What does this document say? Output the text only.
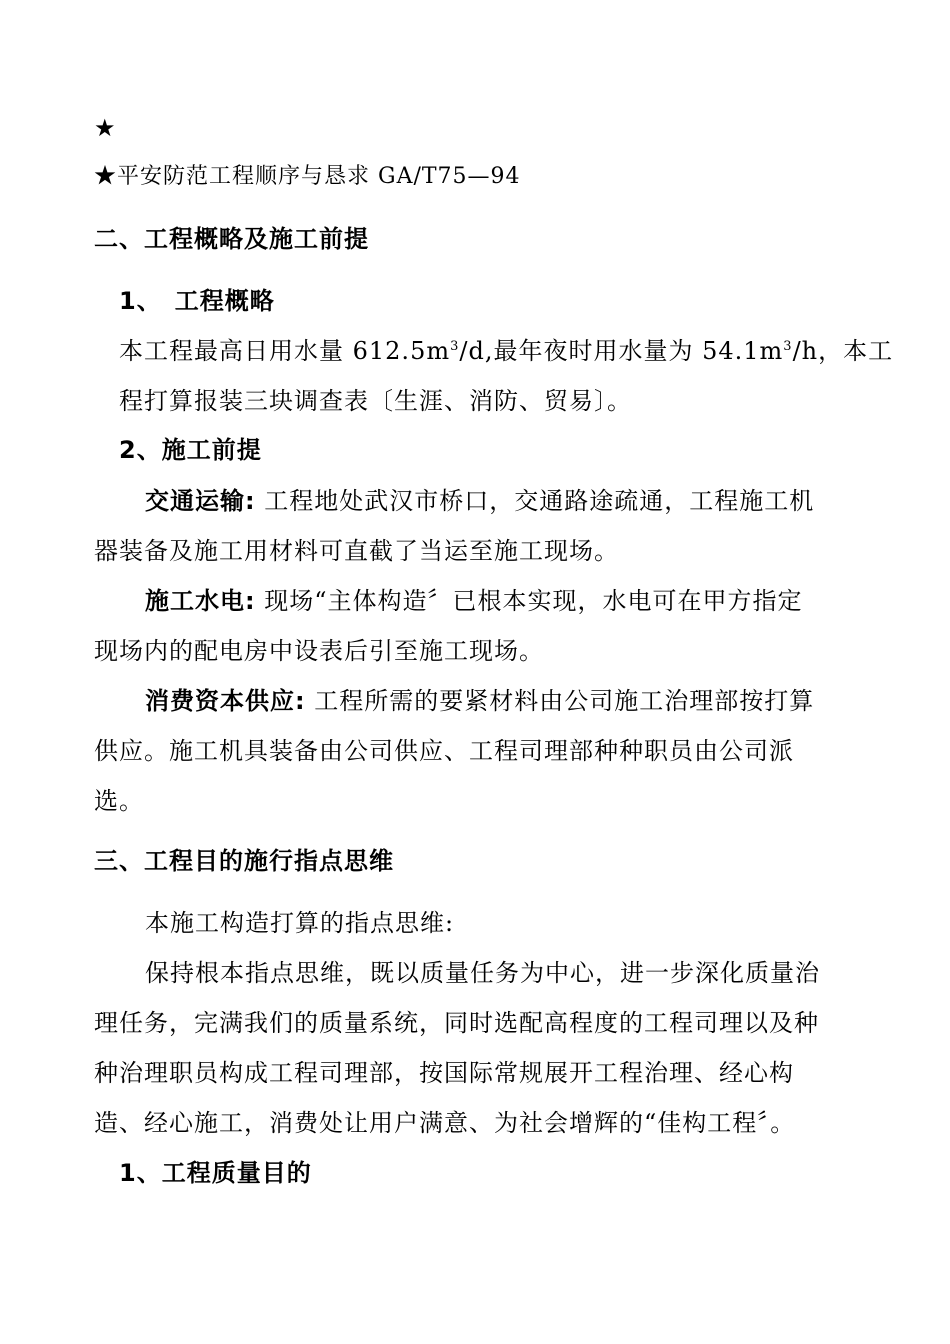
★
★平安防范工程顺序与恳求 GA/T75—94
二、工程概略及施工前提
1、　工程概略
本工程最高日用水量 $612.5m^3/d$,最年夜时用水量为 $54.1m^3/h$，本工
程打算报装三块调查表〔生涯、消防、贸易〕。
2、施工前提
交通运输: 工程地处武汉市桥口，交通路途疏通，工程施工机
器装备及施工用材料可直截了当运至施工现场。
施工水电: 现场“主体构造〞已根本实现，水电可在甲方指定
现场内的配电房中设表后引至施工现场。
消费资本供应: 工程所需的要紧材料由公司施工治理部按打算
供应。施工机具装备由公司供应、工程司理部种种职员由公司派
选。
三、工程目的施行指点思维
本施工构造打算的指点思维:
保持根本指点思维，既以质量任务为中心，进一步深化质量治
理任务，完满我们的质量系统，同时选配高程度的工程司理以及种
种治理职员构成工程司理部，按国际常规展开工程治理、经心构
造、经心施工，消费处让用户满意、为社会增辉的“佳构工程〞。
1、工程质量目的
